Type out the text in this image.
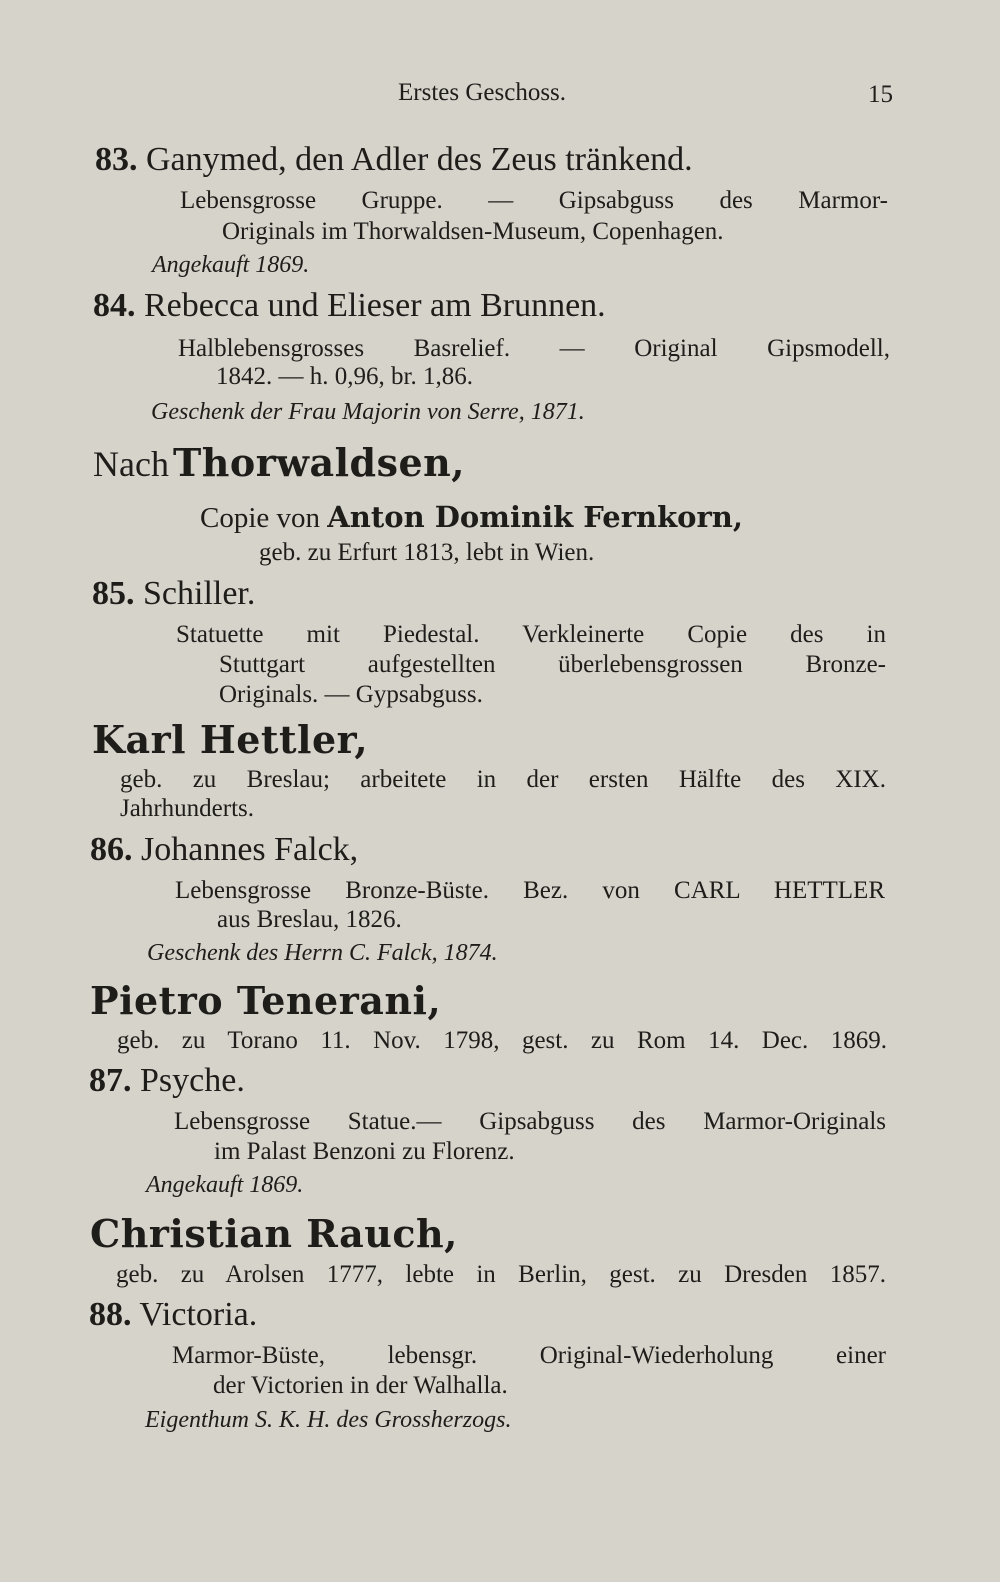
Erstes Geschoss.	15
83. Ganymed, den Adler des Zeus tränkend.
Lebensgrosse Gruppe. — Gipsabguss des Marmor-
Originals im Thorwaldsen-Museum, Copenhagen.
Angekauft 1869.
84. Rebecca und Elieser am Brunnen.
Halblebensgrosses Basrelief. — Original Gipsmodell,
1842. — h. 0,96, br. 1,86.
Geschenk der Frau Majorin von Serre, 1871.
Nach Thorwaldsen,
Copie von Anton Dominik Fernkorn,
geb. zu Erfurt 1813, lebt in Wien.
85. Schiller.
Statuette mit Piedestal. Verkleinerte Copie des in
Stuttgart aufgestellten überlebensgrossen Bronze-
Originals. — Gypsabguss.
Karl Hettler,
geb. zu Breslau; arbeitete in der ersten Hälfte des XIX.
Jahrhunderts.
86. Johannes Falck,
Lebensgrosse Bronze-Büste. Bez. von CARL HETTLER
aus Breslau, 1826.
Geschenk des Herrn C. Falck, 1874.
Pietro Tenerani,
geb. zu Torano 11. Nov. 1798, gest. zu Rom 14. Dec. 1869.
87. Psyche.
Lebensgrosse Statue.— Gipsabguss des Marmor-Originals
im Palast Benzoni zu Florenz.
Angekauft 1869.
Christian Rauch,
geb. zu Arolsen 1777, lebte in Berlin, gest. zu Dresden 1857.
88. Victoria.
Marmor-Büste, lebensgr. Original-Wiederholung einer
der Victorien in der Walhalla.
Eigenthum S. K. H. des Grossherzogs.
